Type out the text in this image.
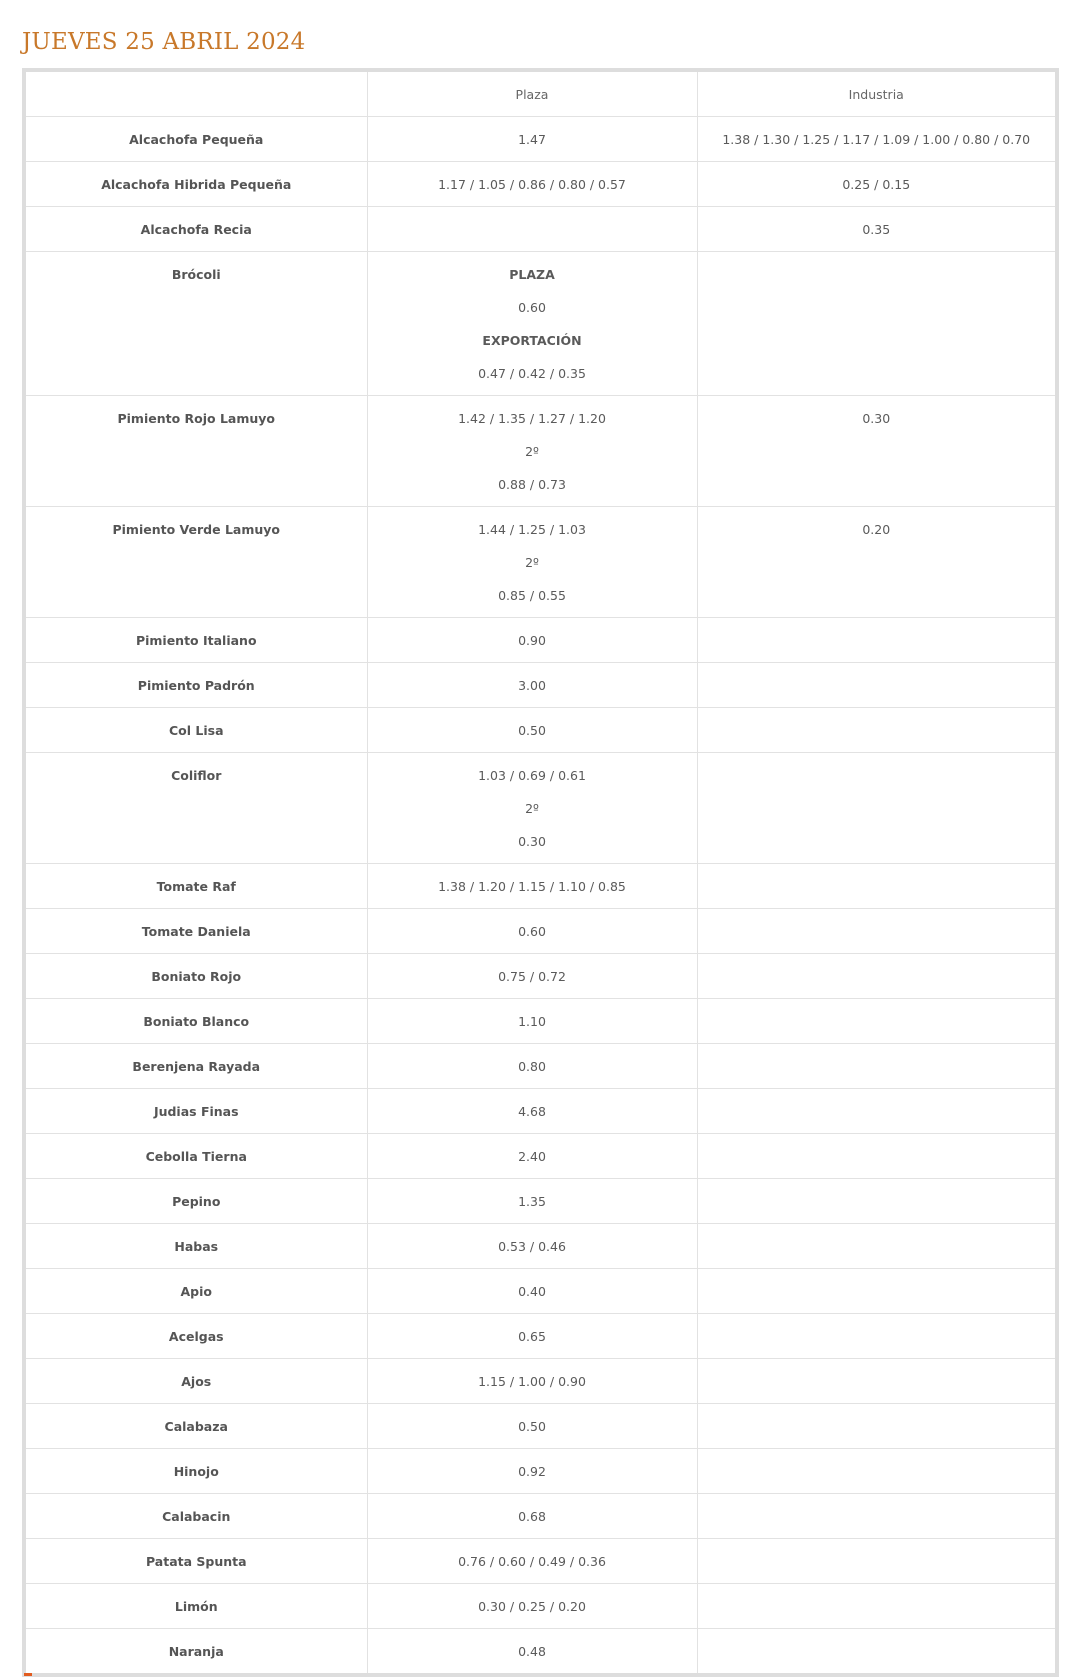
JUEVES 25 ABRIL 2024
	Plaza	Industria
Alcachofa Pequeña	1.47	1.38 / 1.30 / 1.25 / 1.17 / 1.09 / 1.00 / 0.80 / 0.70

Alcachofa Hibrida Pequeña	1.17 / 1.05 / 0.86 / 0.80 / 0.57	0.25 / 0.15

Alcachofa Recia		0.35

Brócoli	PLAZA
0.60
EXPORTACIÓN
0.47 / 0.42 / 0.35	

Pimiento Rojo Lamuyo	1.42 / 1.35 / 1.27 / 1.20
2º
0.88 / 0.73	0.30

Pimiento Verde Lamuyo	1.44 / 1.25 / 1.03
2º
0.85 / 0.55	0.20

Pimiento Italiano	0.90	

Pimiento Padrón	3.00	

Col Lisa	0.50	

Coliflor	1.03 / 0.69 / 0.61
2º
0.30	

Tomate Raf	1.38 / 1.20 / 1.15 / 1.10 / 0.85	

Tomate Daniela	0.60	

Boniato Rojo	0.75 / 0.72	

Boniato Blanco	1.10	

Berenjena Rayada	0.80	

Judias Finas	4.68	

Cebolla Tierna	2.40	

Pepino	1.35	

Habas	0.53 / 0.46	

Apio	0.40	

Acelgas	0.65	

Ajos	1.15 / 1.00 / 0.90	

Calabaza	0.50	

Hinojo	0.92	

Calabacin	0.68	

Patata Spunta	0.76 / 0.60 / 0.49 / 0.36	

Limón	0.30 / 0.25 / 0.20	

Naranja	0.48	
